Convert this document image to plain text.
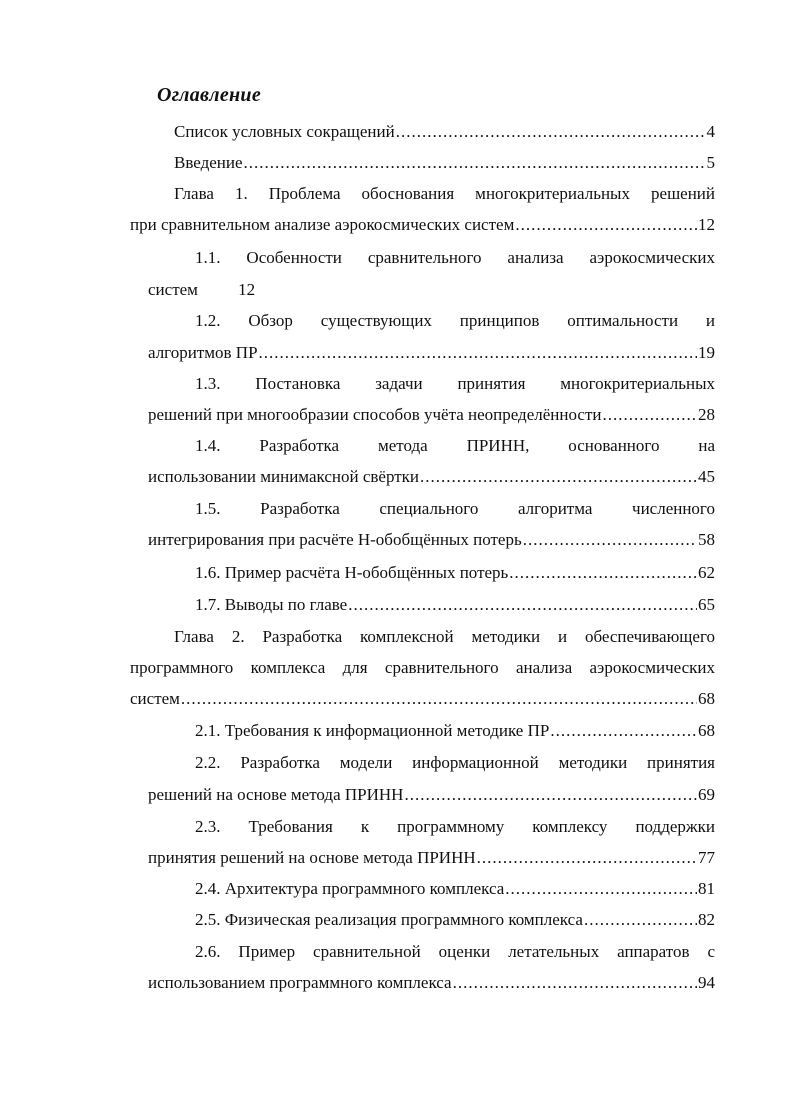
Оглавление
Список условных сокращений .....	4
Введение .....	5
Глава 1. Проблема обоснования многокритериальных решений
при сравнительном анализе аэрокосмических систем .....	12
1.1. Особенности сравнительного анализа аэрокосмических
систем 12
1.2. Обзор существующих принципов оптимальности и
алгоритмов ПР .....	19
1.3. Постановка задачи принятия многокритериальных
решений при многообразии способов учёта неопределённости .....	28
1.4. Разработка метода ПРИНН, основанного на
использовании минимаксной свёртки .....	45
1.5. Разработка специального алгоритма численного
интегрирования при расчёте Н-обобщённых потерь .....	58
1.6. Пример расчёта Н-обобщённых потерь .....	62
1.7. Выводы по главе .....	65
Глава 2. Разработка комплексной методики и обеспечивающего
программного комплекса для сравнительного анализа аэрокосмических
систем .....	68
2.1. Требования к информационной методике ПР .....	68
2.2. Разработка модели информационной методики принятия
решений на основе метода ПРИНН .....	69
2.3. Требования к программному комплексу поддержки
принятия решений на основе метода ПРИНН .....	77
2.4. Архитектура программного комплекса .....	81
2.5. Физическая реализация программного комплекса .....	82
2.6. Пример сравнительной оценки летательных аппаратов с
использованием программного комплекса .....	94
